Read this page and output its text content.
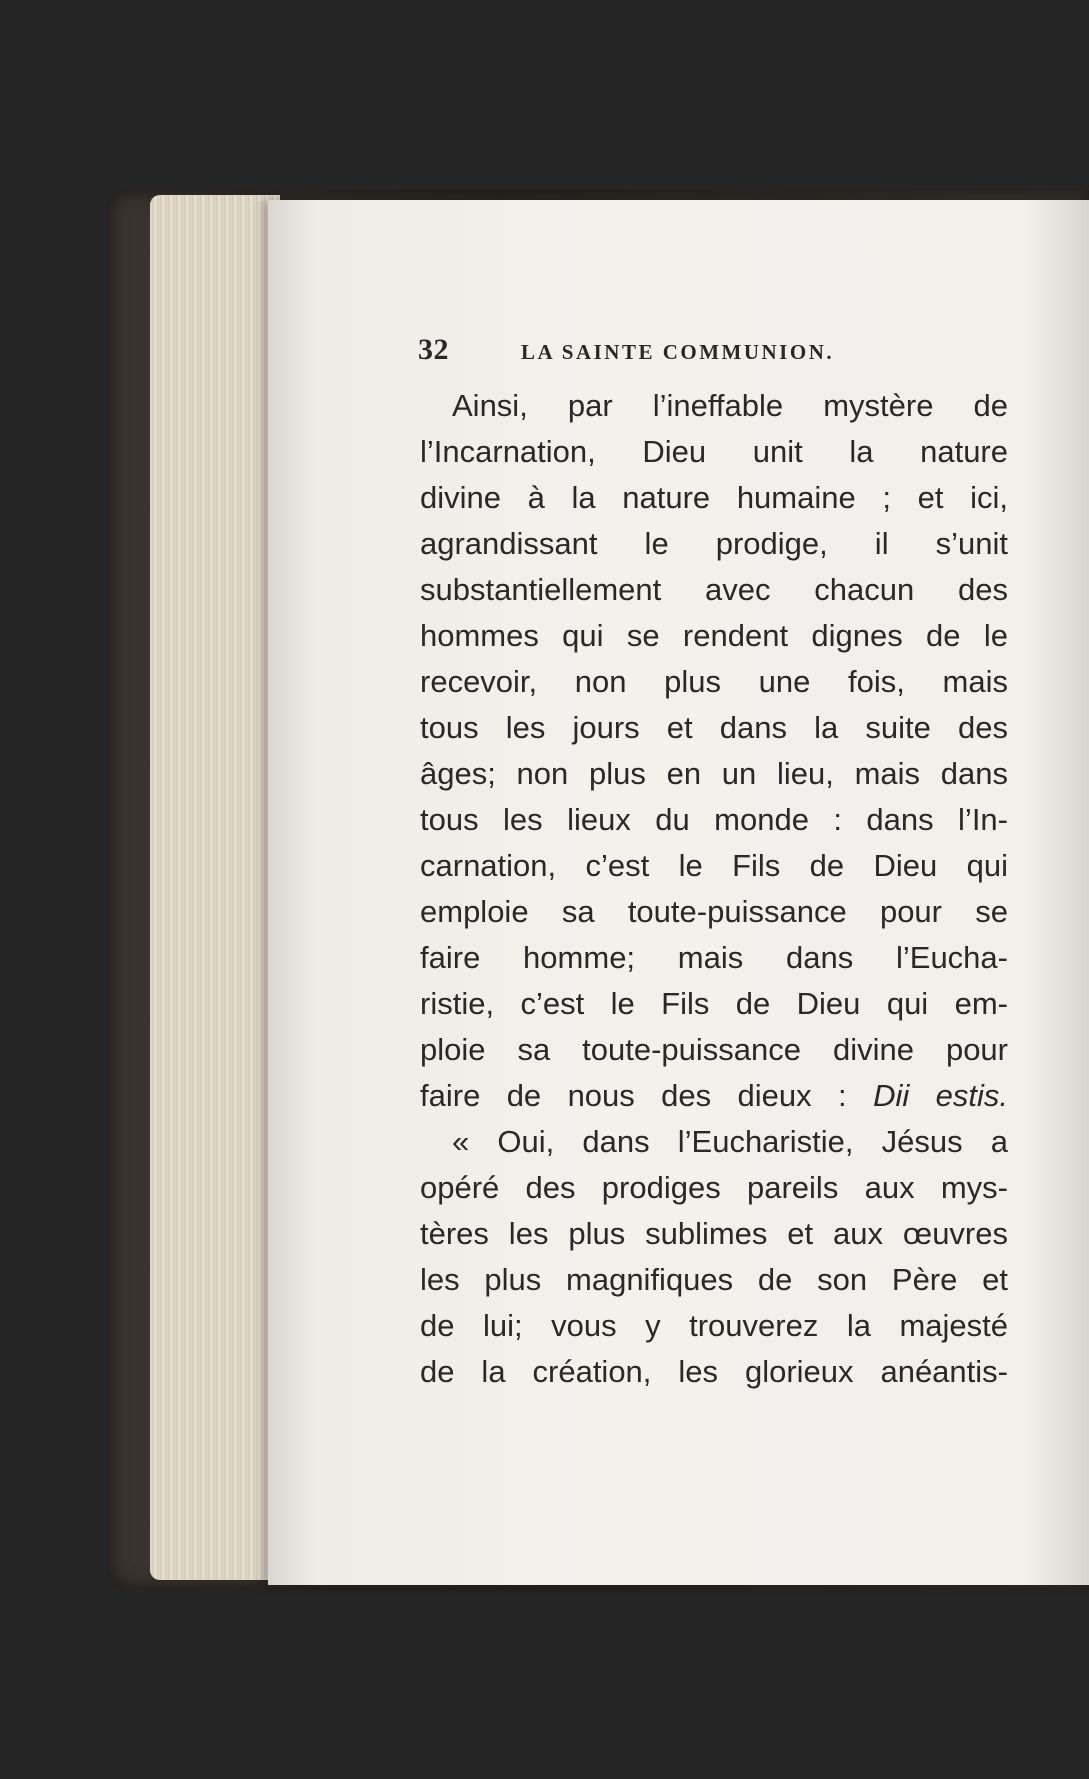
32	LA SAINTE COMMUNION.
Ainsi, par l’ineffable mystère de
l’Incarnation, Dieu unit la nature
divine à la nature humaine ; et ici,
agrandissant le prodige, il s’unit
substantiellement avec chacun des
hommes qui se rendent dignes de le
recevoir, non plus une fois, mais
tous les jours et dans la suite des
âges; non plus en un lieu, mais dans
tous les lieux du monde : dans l’In-
carnation, c’est le Fils de Dieu qui
emploie sa toute-puissance pour se
faire homme; mais dans l’Eucha-
ristie, c’est le Fils de Dieu qui em-
ploie sa toute-puissance divine pour
faire de nous des dieux : Dii estis.
« Oui, dans l’Eucharistie, Jésus a
opéré des prodiges pareils aux mys-
tères les plus sublimes et aux œuvres
les plus magnifiques de son Père et
de lui; vous y trouverez la majesté
de la création, les glorieux anéantis-
